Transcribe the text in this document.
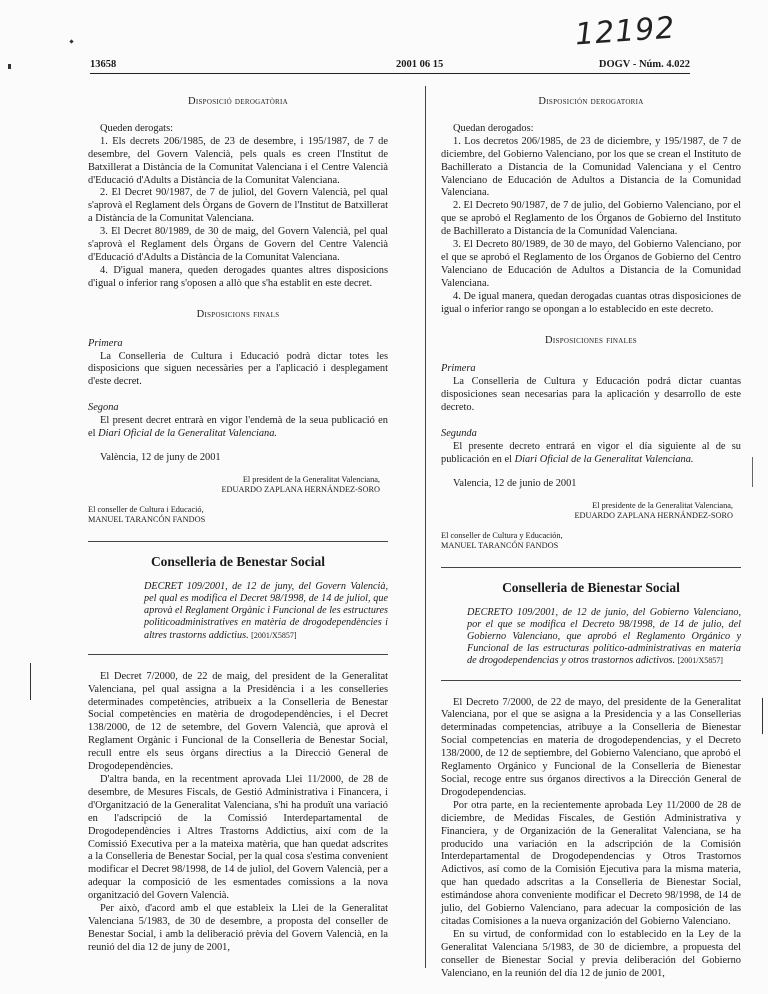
12192
13658	2001 06 15	DOGV - Núm. 4.022

Disposició derogatòria

Queden derogats:

1. Els decrets 206/1985, de 23 de desembre, i 195/1987, de 7 de desembre, del Govern Valencià, pels quals es creen l'Institut de Batxillerat a Distància de la Comunitat Valenciana i el Centre Valencià d'Educació d'Adults a Distància de la Comunitat Valenciana.

2. El Decret 90/1987, de 7 de juliol, del Govern Valencià, pel qual s'aprovà el Reglament dels Òrgans de Govern de l'Institut de Batxillerat a Distància de la Comunitat Valenciana.

3. El Decret 80/1989, de 30 de maig, del Govern Valencià, pel qual s'aprovà el Reglament dels Òrgans de Govern del Centre Valencià d'Educació d'Adults a Distància de la Comunitat Valenciana.

4. D'igual manera, queden derogades quantes altres disposicions d'igual o inferior rang s'oposen a allò que s'ha establit en este decret.

Disposicions finals

Primera

La Conselleria de Cultura i Educació podrà dictar totes les disposicions que siguen necessàries per a l'aplicació i desplegament d'este decret.

Segona

El present decret entrarà en vigor l'endemà de la seua publicació en el Diari Oficial de la Generalitat Valenciana.

València, 12 de juny de 2001

El president de la Generalitat Valenciana,

EDUARDO ZAPLANA HERNÁNDEZ-SORO

El conseller de Cultura i Educació,

MANUEL TARANCÓN FANDOS

Conselleria de Benestar Social

DECRET 109/2001, de 12 de juny, del Govern Valencià, pel qual es modifica el Decret 98/1998, de 14 de juliol, que aprovà el Reglament Orgànic i Funcional de les estructures politicoadministratives en matèria de drogodependències i altres trastorns addictius. [2001/X5857]

El Decret 7/2000, de 22 de maig, del president de la Generalitat Valenciana, pel qual assigna a la Presidència i a les conselleries determinades competències, atribueix a la Conselleria de Benestar Social competències en matèria de drogodependències, i el Decret 138/2000, de 12 de setembre, del Govern Valencià, que aprovà el Reglament Orgànic i Funcional de la Conselleria de Benestar Social, recull entre els seus òrgans directius a la Direcció General de Drogodependències.

D'altra banda, en la recentment aprovada Llei 11/2000, de 28 de desembre, de Mesures Fiscals, de Gestió Administrativa i Financera, i d'Organització de la Generalitat Valenciana, s'hi ha produït una variació en l'adscripció de la Comissió Interdepartamental de Drogodependències i Altres Trastorns Addictius, així com de la Comissió Executiva per a la mateixa matèria, que han quedat adscrites a la Conselleria de Benestar Social, per la qual cosa s'estima convenient modificar el Decret 98/1998, de 14 de juliol, del Govern Valencià, per a adequar la composició de les esmentades comissions a la nova organització del Govern Valencià.

Per això, d'acord amb el que estableix la Llei de la Generalitat Valenciana 5/1983, de 30 de desembre, a proposta del conseller de Benestar Social, i amb la deliberació prèvia del Govern Valencià, en la reunió del dia 12 de juny de 2001,

Disposición derogatoria

Quedan derogados:

1. Los decretos 206/1985, de 23 de diciembre, y 195/1987, de 7 de diciembre, del Gobierno Valenciano, por los que se crean el Instituto de Bachillerato a Distancia de la Comunidad Valenciana y el Centro Valenciano de Educación de Adultos a Distancia de la Comunidad Valenciana.

2. El Decreto 90/1987, de 7 de julio, del Gobierno Valenciano, por el que se aprobó el Reglamento de los Órganos de Gobierno del Instituto de Bachillerato a Distancia de la Comunidad Valenciana.

3. El Decreto 80/1989, de 30 de mayo, del Gobierno Valenciano, por el que se aprobó el Reglamento de los Órganos de Gobierno del Centro Valenciano de Educación de Adultos a Distancia de la Comunidad Valenciana.

4. De igual manera, quedan derogadas cuantas otras disposiciones de igual o inferior rango se opongan a lo establecido en este decreto.

Disposiciones finales

Primera

La Conselleria de Cultura y Educación podrá dictar cuantas disposiciones sean necesarias para la aplicación y desarrollo de este decreto.

Segunda

El presente decreto entrará en vigor el día siguiente al de su publicación en el Diari Oficial de la Generalitat Valenciana.

Valencia, 12 de junio de 2001

El presidente de la Generalitat Valenciana,

EDUARDO ZAPLANA HERNÁNDEZ-SORO

El conseller de Cultura y Educación,

MANUEL TARANCÓN FANDOS

Conselleria de Bienestar Social

DECRETO 109/2001, de 12 de junio, del Gobierno Valenciano, por el que se modifica el Decreto 98/1998, de 14 de julio, del Gobierno Valenciano, que aprobó el Reglamento Orgánico y Funcional de las estructuras político-administrativas en materia de drogodependencias y otros trastornos adictivos. [2001/X5857]

El Decreto 7/2000, de 22 de mayo, del presidente de la Generalitat Valenciana, por el que se asigna a la Presidencia y a las Consellerias determinadas competencias, atribuye a la Conselleria de Bienestar Social competencias en materia de drogodependencias, y el Decreto 138/2000, de 12 de septiembre, del Gobierno Valenciano, que aprobó el Reglamento Orgánico y Funcional de la Conselleria de Bienestar Social, recoge entre sus órganos directivos a la Dirección General de Drogodependencias.

Por otra parte, en la recientemente aprobada Ley 11/2000 de 28 de diciembre, de Medidas Fiscales, de Gestión Administrativa y Financiera, y de Organización de la Generalitat Valenciana, se ha producido una variación en la adscripción de la Comisión Interdepartamental de Drogodependencias y Otros Trastornos Adictivos, así como de la Comisión Ejecutiva para la misma materia, que han quedado adscritas a la Conselleria de Bienestar Social, estimándose ahora conveniente modificar el Decreto 98/1998, de 14 de julio, del Gobierno Valenciano, para adecuar la composición de las citadas Comisiones a la nueva organización del Gobierno Valenciano.

En su virtud, de conformidad con lo establecido en la Ley de la Generalitat Valenciana 5/1983, de 30 de diciembre, a propuesta del conseller de Bienestar Social y previa deliberación del Gobierno Valenciano, en la reunión del día 12 de junio de 2001,
